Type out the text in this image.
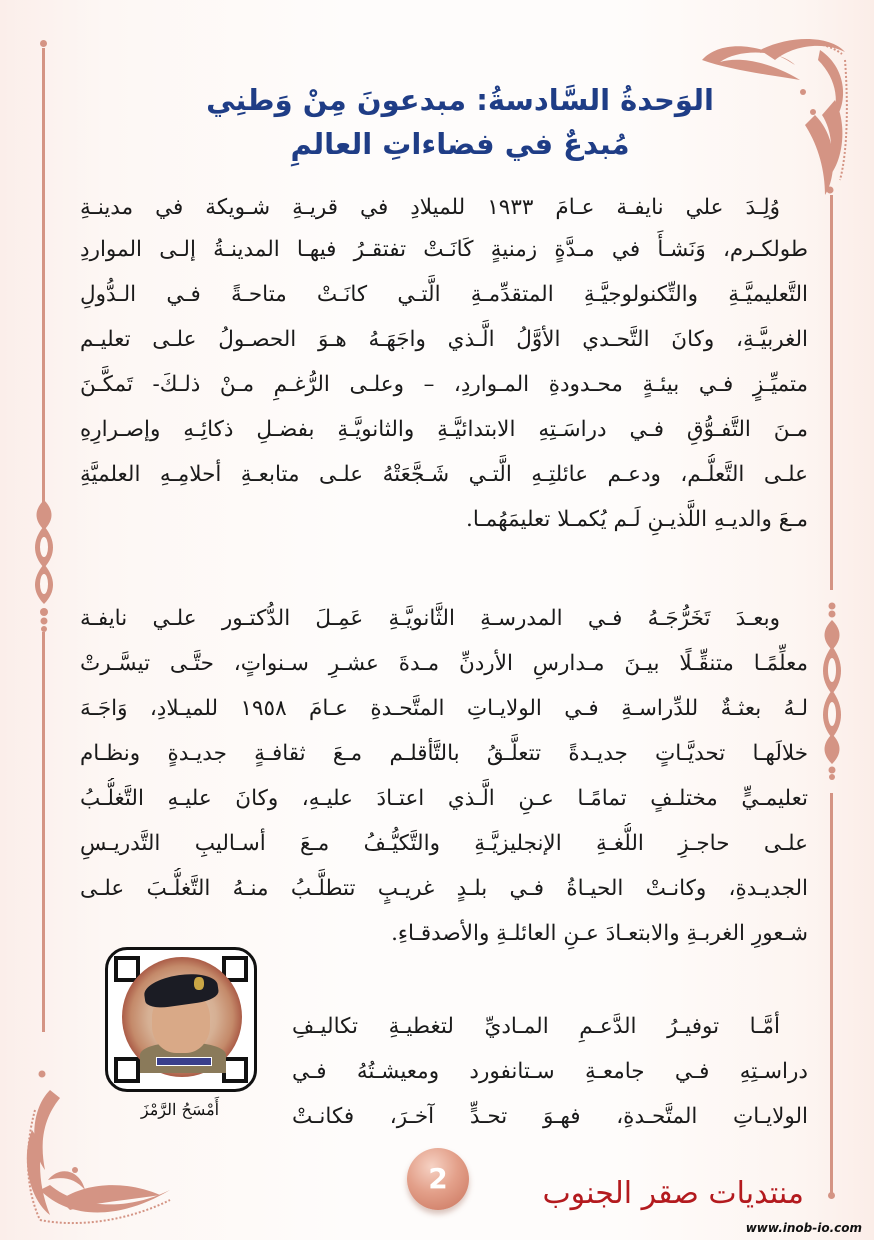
الوَحدةُ السَّادسةُ: مبدعونَ مِنْ وَطنِي
مُبدعٌ في فضاءاتِ العالمِ
وُلِـدَ علي نايفـة عـامَ ١٩٣٣ للميلادِ في قريـةِ شـويكة في مدينـةِ
طولكـرم، وَنَشـأَ في مـدَّةٍ زمنيةٍ كَانَـتْ تفتقـرُ فيهـا المدينـةُ إلـى المواردِ
التَّعليميَّـةِ والتِّكنولوجيَّـةِ المتقدِّمـةِ الَّتـي كانَـتْ متاحـةً فـي الـدُّولِ
الغربيَّـةِ، وكانَ التَّحـدي الأوَّلُ الَّـذي واجَهَـهُ هـوَ الحصـولُ علـى تعليـم
متميِّـزٍ فـي بيئـةٍ محـدودةِ المـواردِ، – وعلـى الرُّغـمِ مـنْ ذلـكَ- تَمكَّـنَ
مـنَ التَّفـوُّقِ فـي دراسَـتِهِ الابتدائيَّـةِ والثانويَّـةِ بفضـلِ ذكائِـهِ وإصـرارِهِ
علـى التَّعلُّـم، ودعـم عائلتِـهِ الَّتـي شَـجَّعَتْهُ علـى متابعـةِ أحلامِـهِ العلميَّةِ
مـعَ والديـهِ اللَّذيـنِ لَـم يُكمـلا تعليمَهُمـا.
وبعـدَ تَخَرُّجَـهُ فـي المدرسـةِ الثَّانويَّـةِ عَمِـلَ الدُّكتـور علـي نايفـة
معلِّمًـا متنقِّـلًا بيـنَ مـدارسِ الأردنِّ مـدةَ عشـرِ سـنواتٍ، حتَّـى تيسَّـرتْ
لـهُ بعثـةٌ للدِّراسـةِ فـي الولايـاتِ المتَّحـدةِ عـامَ ١٩٥٨ للميـلادِ، وَاجَـهَ
خلالَهـا تحديَّـاتٍ جديـدةً تتعلَّـقُ بالتَّأقلـم مـعَ ثقافـةٍ جديـدةٍ ونظـام
تعليمـيٍّ مختلـفٍ تمامًـا عـنِ الَّـذي اعتـادَ عليـهِ، وكانَ عليـهِ التَّغلُّـبُ
علـى حاجـزِ اللُّغـةِ الإنجليزيَّـةِ والتَّكيُّـفُ مـعَ أسـاليبِ التَّدريـسِ
الجديـدةِ، وكانـتْ الحيـاةُ فـي بلـدٍ غريـبٍ تتطلَّـبُ منـهُ التَّغلُّـبَ علـى
شـعورِ الغربـةِ والابتعـادَ عـنِ العائلـةِ والأصدقـاءِ.
أمَّـا توفيـرُ الدَّعـمِ المـاديِّ لتغطيـةِ تكاليـفِ
دراسـتِهِ فـي جامعـةِ سـتانفورد ومعيشـتُهُ فـي
الولايـاتِ المتَّحـدةِ، فهـوَ تحـدٍّ آخـرَ، فكانـتْ
أَمْسَحُ الرَّمْزَ
2	منتديات صقر الجنوب
www.inob-io.com
